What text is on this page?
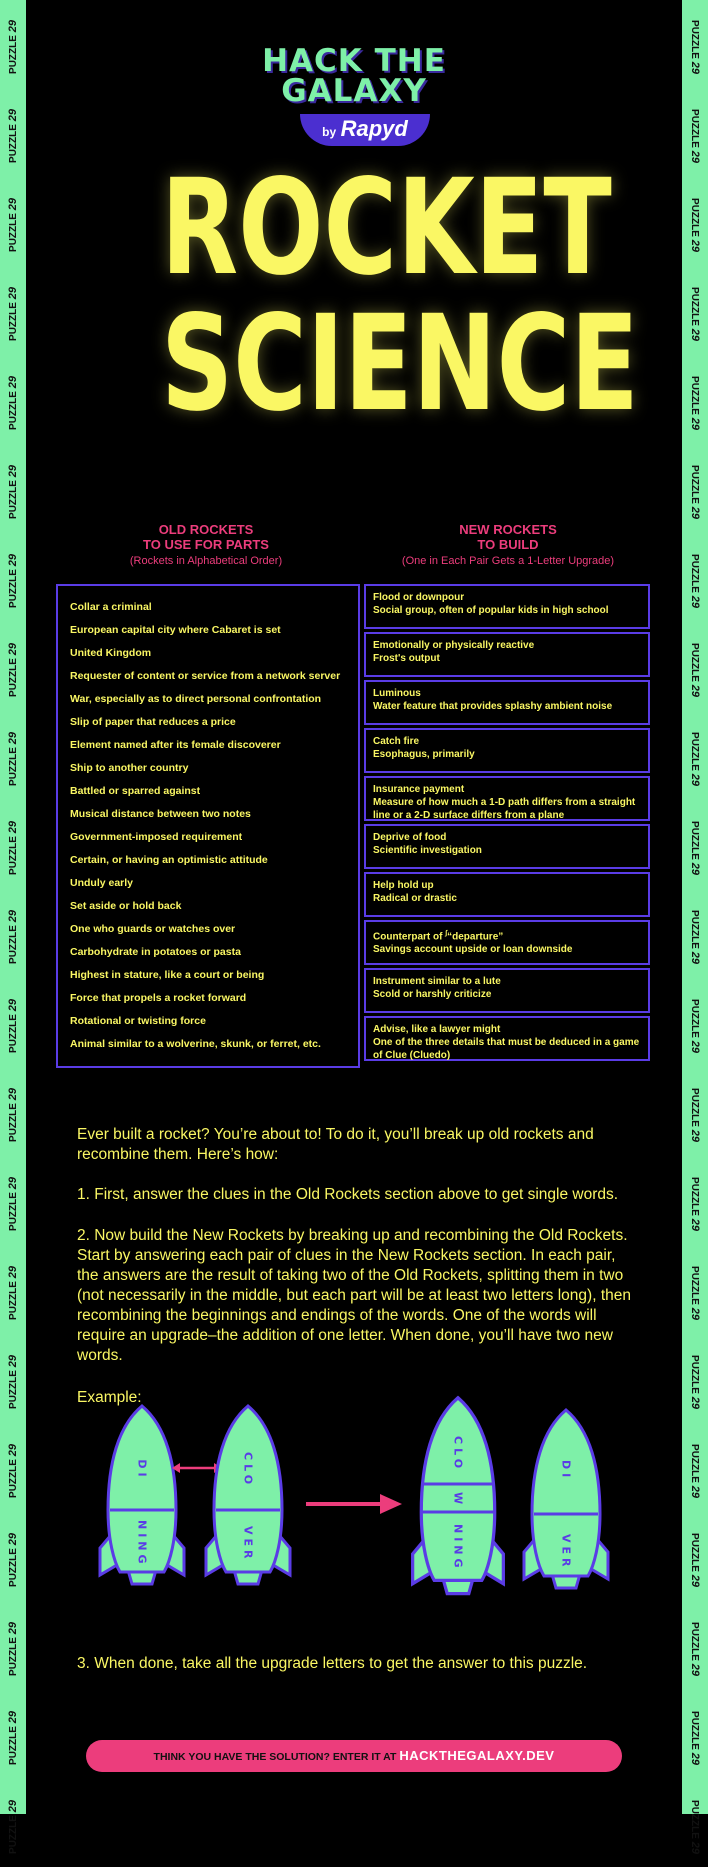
PUZZLE 29
PUZZLE 29
PUZZLE 29
PUZZLE 29
PUZZLE 29
PUZZLE 29
PUZZLE 29
PUZZLE 29
PUZZLE 29
PUZZLE 29
PUZZLE 29
PUZZLE 29
PUZZLE 29
PUZZLE 29
PUZZLE 29
PUZZLE 29
PUZZLE 29
PUZZLE 29
PUZZLE 29
PUZZLE 29
PUZZLE 29
PUZZLE 29
PUZZLE 29
PUZZLE 29
PUZZLE 29
PUZZLE 29
PUZZLE 29
PUZZLE 29
PUZZLE 29
PUZZLE 29
PUZZLE 29
PUZZLE 29
PUZZLE 29
PUZZLE 29
PUZZLE 29
PUZZLE 29
PUZZLE 29
PUZZLE 29
PUZZLE 29
PUZZLE 29
PUZZLE 29
PUZZLE 29
HACK THE
GALAXY
by Rapyd
ROCKET
SCIENCE
OLD ROCKETS
TO USE FOR PARTS
(Rockets in Alphabetical Order)
NEW ROCKETS
TO BUILD
(One in Each Pair Gets a 1-Letter Upgrade)
Collar a criminal
European capital city where Cabaret is set
United Kingdom
Requester of content or service from a network server
War, especially as to direct personal confrontation
Slip of paper that reduces a price
Element named after its female discoverer
Ship to another country
Battled or sparred against
Musical distance between two notes
Government-imposed requirement
Certain, or having an optimistic attitude
Unduly early
Set aside or hold back
One who guards or watches over
Carbohydrate in potatoes or pasta
Highest in stature, like a court or being
Force that propels a rocket forward
Rotational or twisting force
Animal similar to a wolverine, skunk, or ferret, etc.
Flood or downpour
Social group, often of popular kids in high school
Emotionally or physically reactive
Frost's output
Luminous
Water feature that provides splashy ambient noise
Catch fire
Esophagus, primarily
Insurance payment
Measure of how much a 1-D path differs from a straight line or a 2-D surface differs from a plane
Deprive of food
Scientific investigation
Help hold up
Radical or drastic
Counterpart of ∫“departure”
Savings account upside or loan downside
Instrument similar to a lute
Scold or harshly criticize
Advise, like a lawyer might
One of the three details that must be deduced in a game of Clue (Cluedo)
Ever built a rocket? You’re about to! To do it, you’ll break up old rockets and recombine them. Here’s how:
1. First, answer the clues in the Old Rockets section above to get single words.
2. Now build the New Rockets by breaking up and recombining the Old Rockets. Start by answering each pair of clues in the New Rockets section. In each pair, the answers are the result of taking two of the Old Rockets, splitting them in two (not necessarily in the middle, but each part will be at least two letters long), then recombining the beginnings and endings of the words. One of the words will require an upgrade–the addition of one letter. When done, you’ll have two new words.
Example:
DI
NING
CLO
VER
CLO
W
NING
DI
VER
3. When done, take all the upgrade letters to get the answer to this puzzle.
THINK YOU HAVE THE SOLUTION? ENTER IT AT HACKTHEGALAXY.DEV
